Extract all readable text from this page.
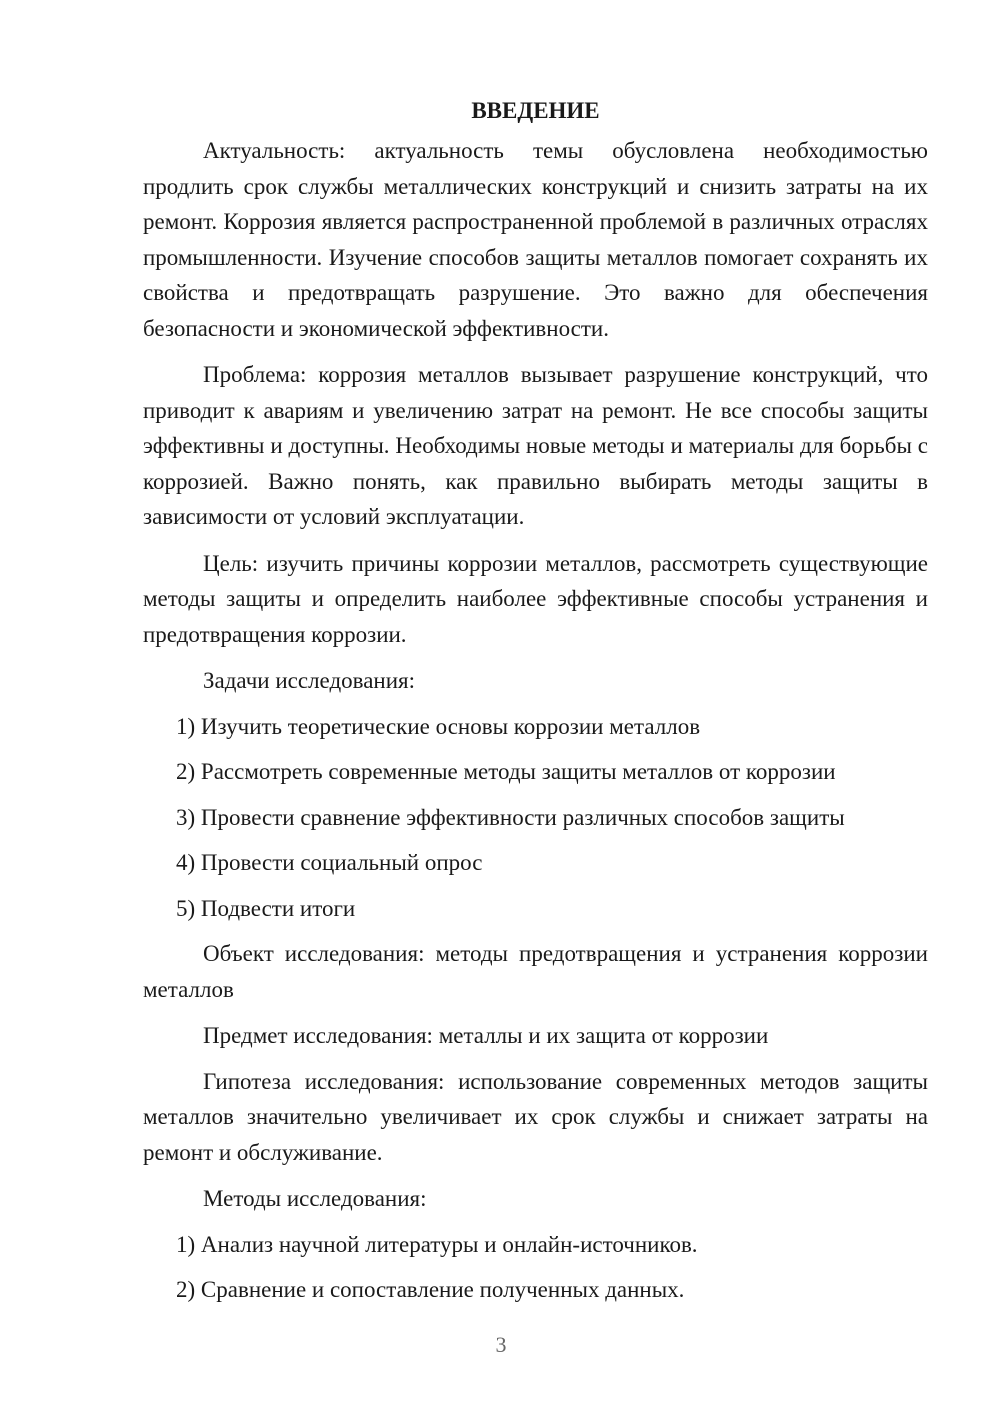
ВВЕДЕНИЕ

Актуальность: актуальность темы обусловлена необходимостью продлить срок службы металлических конструкций и снизить затраты на их ремонт. Коррозия является распространенной проблемой в различных отраслях промышленности. Изучение способов защиты металлов помогает сохранять их свойства и предотвращать разрушение. Это важно для обеспечения безопасности и экономической эффективности.

Проблема: коррозия металлов вызывает разрушение конструкций, что приводит к авариям и увеличению затрат на ремонт. Не все способы защиты эффективны и доступны. Необходимы новые методы и материалы для борьбы с коррозией. Важно понять, как правильно выбирать методы защиты в зависимости от условий эксплуатации.

Цель: изучить причины коррозии металлов, рассмотреть существующие методы защиты и определить наиболее эффективные способы устранения и предотвращения коррозии.

Задачи исследования:

1) Изучить теоретические основы коррозии металлов
2) Рассмотреть современные методы защиты металлов от коррозии
3) Провести сравнение эффективности различных способов защиты
4) Провести социальный опрос
5) Подвести итоги

Объект исследования: методы предотвращения и устранения коррозии металлов

Предмет исследования: металлы и их защита от коррозии

Гипотеза исследования: использование современных методов защиты металлов значительно увеличивает их срок службы и снижает затраты на ремонт и обслуживание.

Методы исследования:

1) Анализ научной литературы и онлайн-источников.
2) Сравнение и сопоставление полученных данных.
3
